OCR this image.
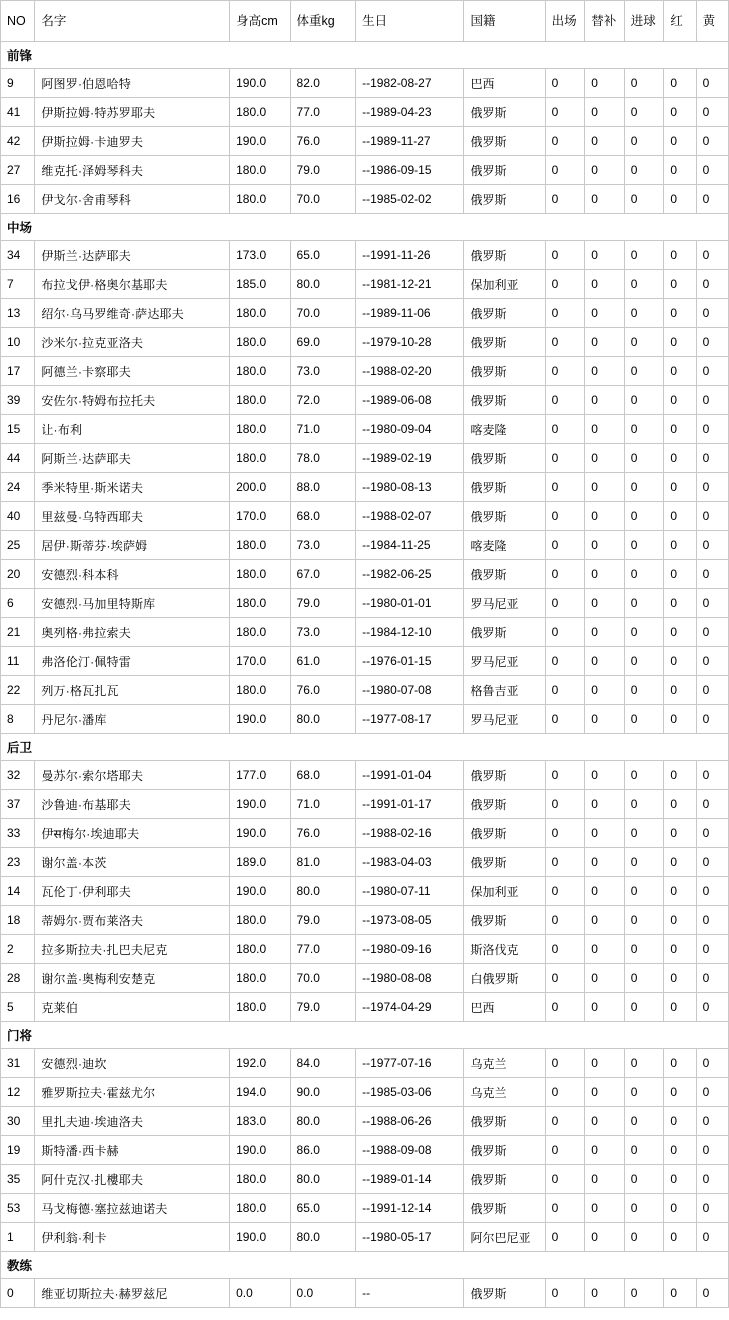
NO	名字	身高cm	体重kg	生日	国籍	出场	替补	进球	红	黄
前锋										
9	阿图罗·伯恩哈特	190.0	82.0	--1982-08-27	巴西	0	0	0	0	0
41	伊斯拉姆·特苏罗耶夫	180.0	77.0	--1989-04-23	俄罗斯	0	0	0	0	0
42	伊斯拉姆·卡迪罗夫	190.0	76.0	--1989-11-27	俄罗斯	0	0	0	0	0
27	维克托·泽姆琴科夫	180.0	79.0	--1986-09-15	俄罗斯	0	0	0	0	0
16	伊戈尔·舍甫琴科	180.0	70.0	--1985-02-02	俄罗斯	0	0	0	0	0
中场										
34	伊斯兰·达萨耶夫	173.0	65.0	--1991-11-26	俄罗斯	0	0	0	0	0
7	布拉戈伊·格奥尔基耶夫	185.0	80.0	--1981-12-21	保加利亚	0	0	0	0	0
13	绍尔·乌马罗维奇·萨达耶夫	180.0	70.0	--1989-11-06	俄罗斯	0	0	0	0	0
10	沙米尔·拉克亚洛夫	180.0	69.0	--1979-10-28	俄罗斯	0	0	0	0	0
17	阿德兰·卡察耶夫	180.0	73.0	--1988-02-20	俄罗斯	0	0	0	0	0
39	安佐尔·特姆布拉托夫	180.0	72.0	--1989-06-08	俄罗斯	0	0	0	0	0
15	让·布利	180.0	71.0	--1980-09-04	喀麦隆	0	0	0	0	0
44	阿斯兰·达萨耶夫	180.0	78.0	--1989-02-19	俄罗斯	0	0	0	0	0
24	季米特里·斯米诺夫	200.0	88.0	--1980-08-13	俄罗斯	0	0	0	0	0
40	里兹曼·乌特西耶夫	170.0	68.0	--1988-02-07	俄罗斯	0	0	0	0	0
25	居伊·斯蒂芬·埃萨姆	180.0	73.0	--1984-11-25	喀麦隆	0	0	0	0	0
20	安德烈·科本科	180.0	67.0	--1982-06-25	俄罗斯	0	0	0	0	0
6	安德烈·马加里特斯库	180.0	79.0	--1980-01-01	罗马尼亚	0	0	0	0	0
21	奥列格·弗拉索夫	180.0	73.0	--1984-12-10	俄罗斯	0	0	0	0	0
11	弗洛伦汀·佩特雷	170.0	61.0	--1976-01-15	罗马尼亚	0	0	0	0	0
22	列万·格瓦扎瓦	180.0	76.0	--1980-07-08	格鲁吉亚	0	0	0	0	0
8	丹尼尔·潘库	190.0	80.0	--1977-08-17	罗马尼亚	0	0	0	0	0
后卫										
32	曼苏尔·索尔塔耶夫	177.0	68.0	--1991-01-04	俄罗斯	0	0	0	0	0
37	沙鲁迪·布基耶夫	190.0	71.0	--1991-01-17	俄罗斯	0	0	0	0	0
33	伊स梅尔·埃迪耶夫	190.0	76.0	--1988-02-16	俄罗斯	0	0	0	0	0
23	谢尔盖·本茨	189.0	81.0	--1983-04-03	俄罗斯	0	0	0	0	0
14	瓦伦丁·伊利耶夫	190.0	80.0	--1980-07-11	保加利亚	0	0	0	0	0
18	蒂姆尔·贾布莱洛夫	180.0	79.0	--1973-08-05	俄罗斯	0	0	0	0	0
2	拉多斯拉夫·扎巴夫尼克	180.0	77.0	--1980-09-16	斯洛伐克	0	0	0	0	0
28	谢尔盖·奥梅利安楚克	180.0	70.0	--1980-08-08	白俄罗斯	0	0	0	0	0
5	克莱伯	180.0	79.0	--1974-04-29	巴西	0	0	0	0	0
门将										
31	安德烈·迪坎	192.0	84.0	--1977-07-16	乌克兰	0	0	0	0	0
12	雅罗斯拉夫·霍兹尤尔	194.0	90.0	--1985-03-06	乌克兰	0	0	0	0	0
30	里扎夫迪·埃迪洛夫	183.0	80.0	--1988-06-26	俄罗斯	0	0	0	0	0
19	斯特潘·西卡赫	190.0	86.0	--1988-09-08	俄罗斯	0	0	0	0	0
35	阿什克汉·扎樓耶夫	180.0	80.0	--1989-01-14	俄罗斯	0	0	0	0	0
53	马戈梅德·塞拉兹迪诺夫	180.0	65.0	--1991-12-14	俄罗斯	0	0	0	0	0
1	伊利翁·利卡	190.0	80.0	--1980-05-17	阿尔巴尼亚	0	0	0	0	0
教练										
0	维亚切斯拉夫·赫罗兹尼	0.0	0.0	--	俄罗斯	0	0	0	0	0
